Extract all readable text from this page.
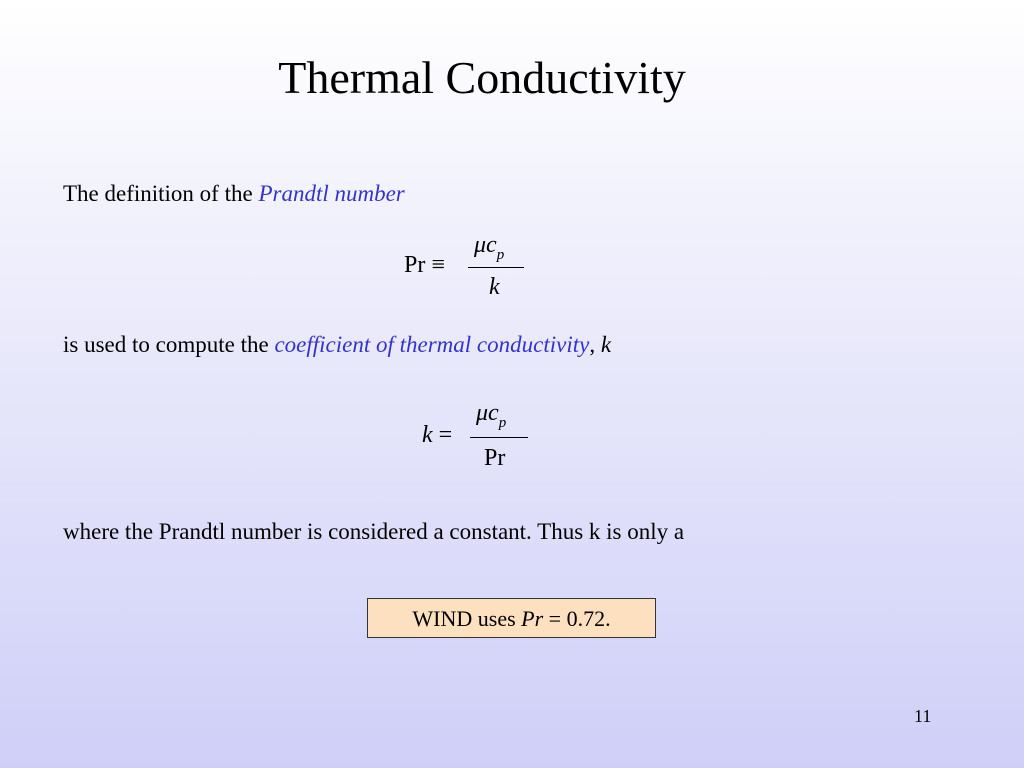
Thermal Conductivity
The definition of the Prandtl number
Pr ≡
$\mu c_p$
k
is used to compute the coefficient of thermal conductivity, k
k =
$\mu c_p$
Pr
where the Prandtl number is considered a constant. Thus k is only a
WIND uses Pr = 0.72.
11
